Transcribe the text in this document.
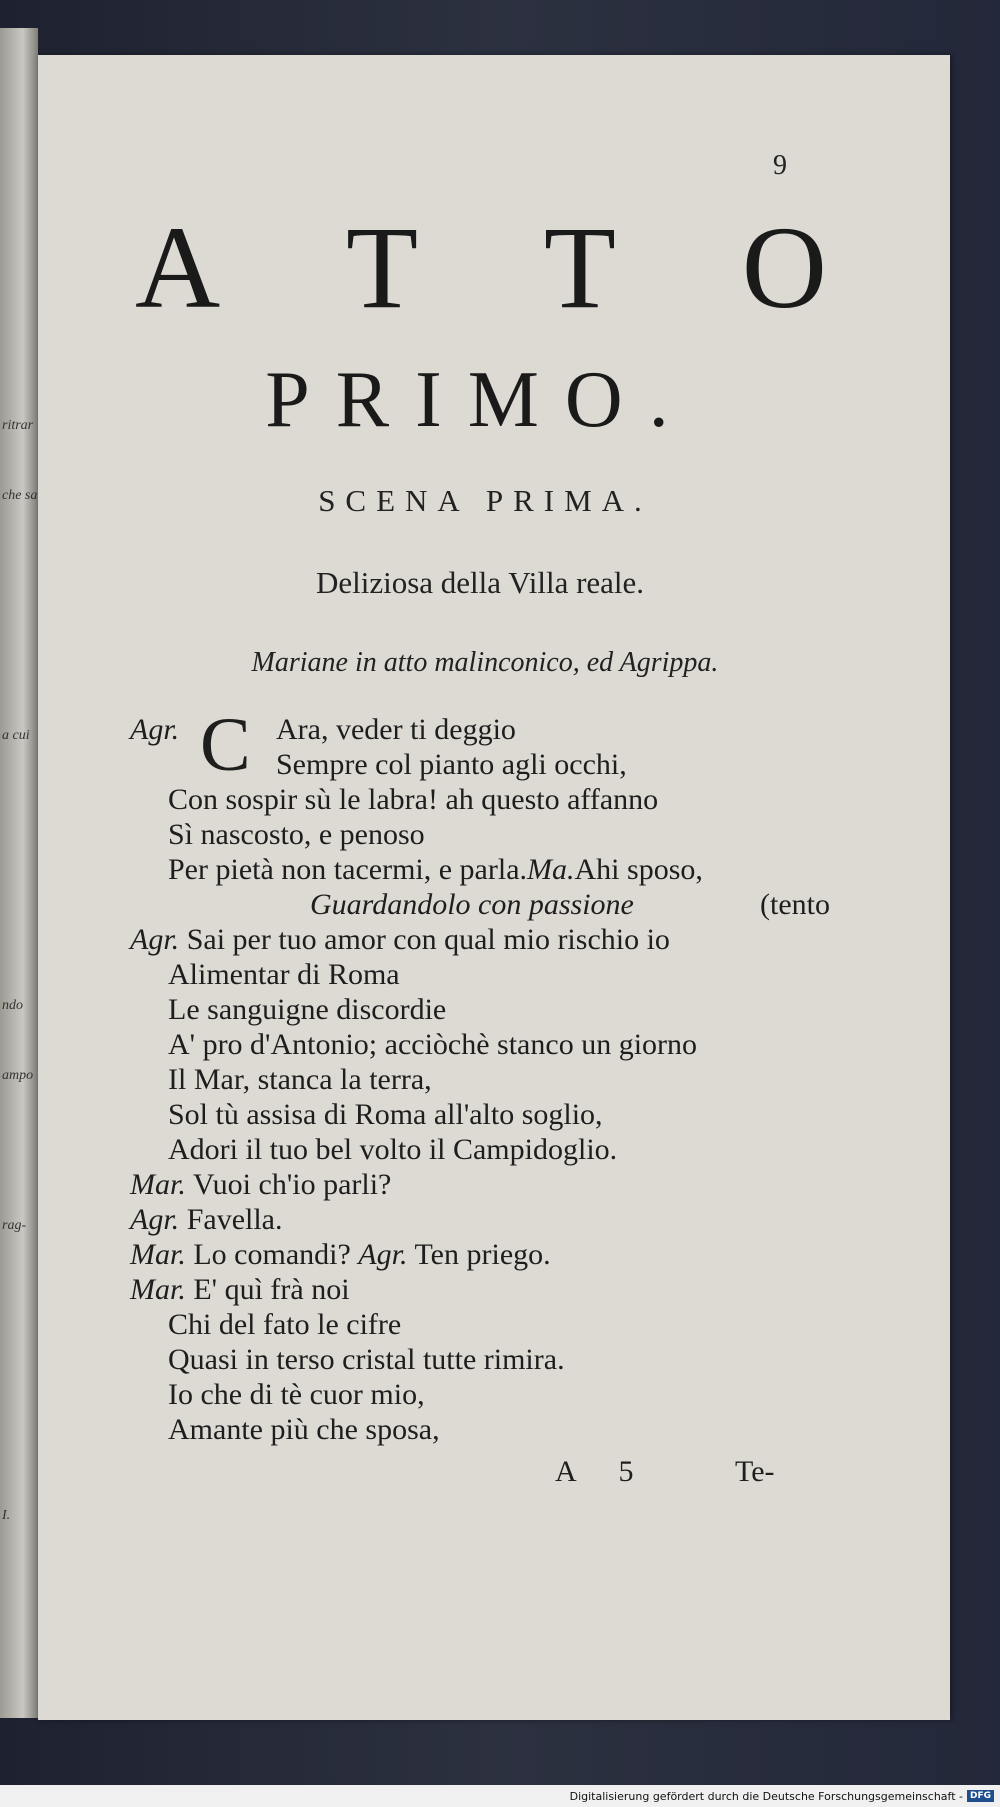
ritrar
che sa
a cui
ndo
ampo
rag-
I.
9
A T T O
PRIMO.
SCENA PRIMA.
Deliziosa della Villa reale.
Mariane in atto malinconico, ed Agrippa.
Agr. C Ara, veder ti deggio
Sempre col pianto agli occhi,
Con sospir sù le labra! ah questo affanno
Sì nascosto, e penoso
Per pietà non tacermi, e parla.Ma.Ahi sposo,
Guardandolo con passione	(tento
Agr. Sai per tuo amor con qual mio rischio io
Alimentar di Roma
Le sanguigne discordie
A' pro d'Antonio; acciòchè stanco un giorno
Il Mar, stanca la terra,
Sol tù assisa di Roma all'alto soglio,
Adori il tuo bel volto il Campidoglio.
Mar. Vuoi ch'io parli?
Agr. Favella.
Mar. Lo comandi? Agr. Ten priego.
Mar. E' quì frà noi
Chi del fato le cifre
Quasi in terso cristal tutte rimira.
Io che di tè cuor mio,
Amante più che sposa,
A 5	Te-
Digitalisierung gefördert durch die Deutsche Forschungsgemeinschaft - DFG
